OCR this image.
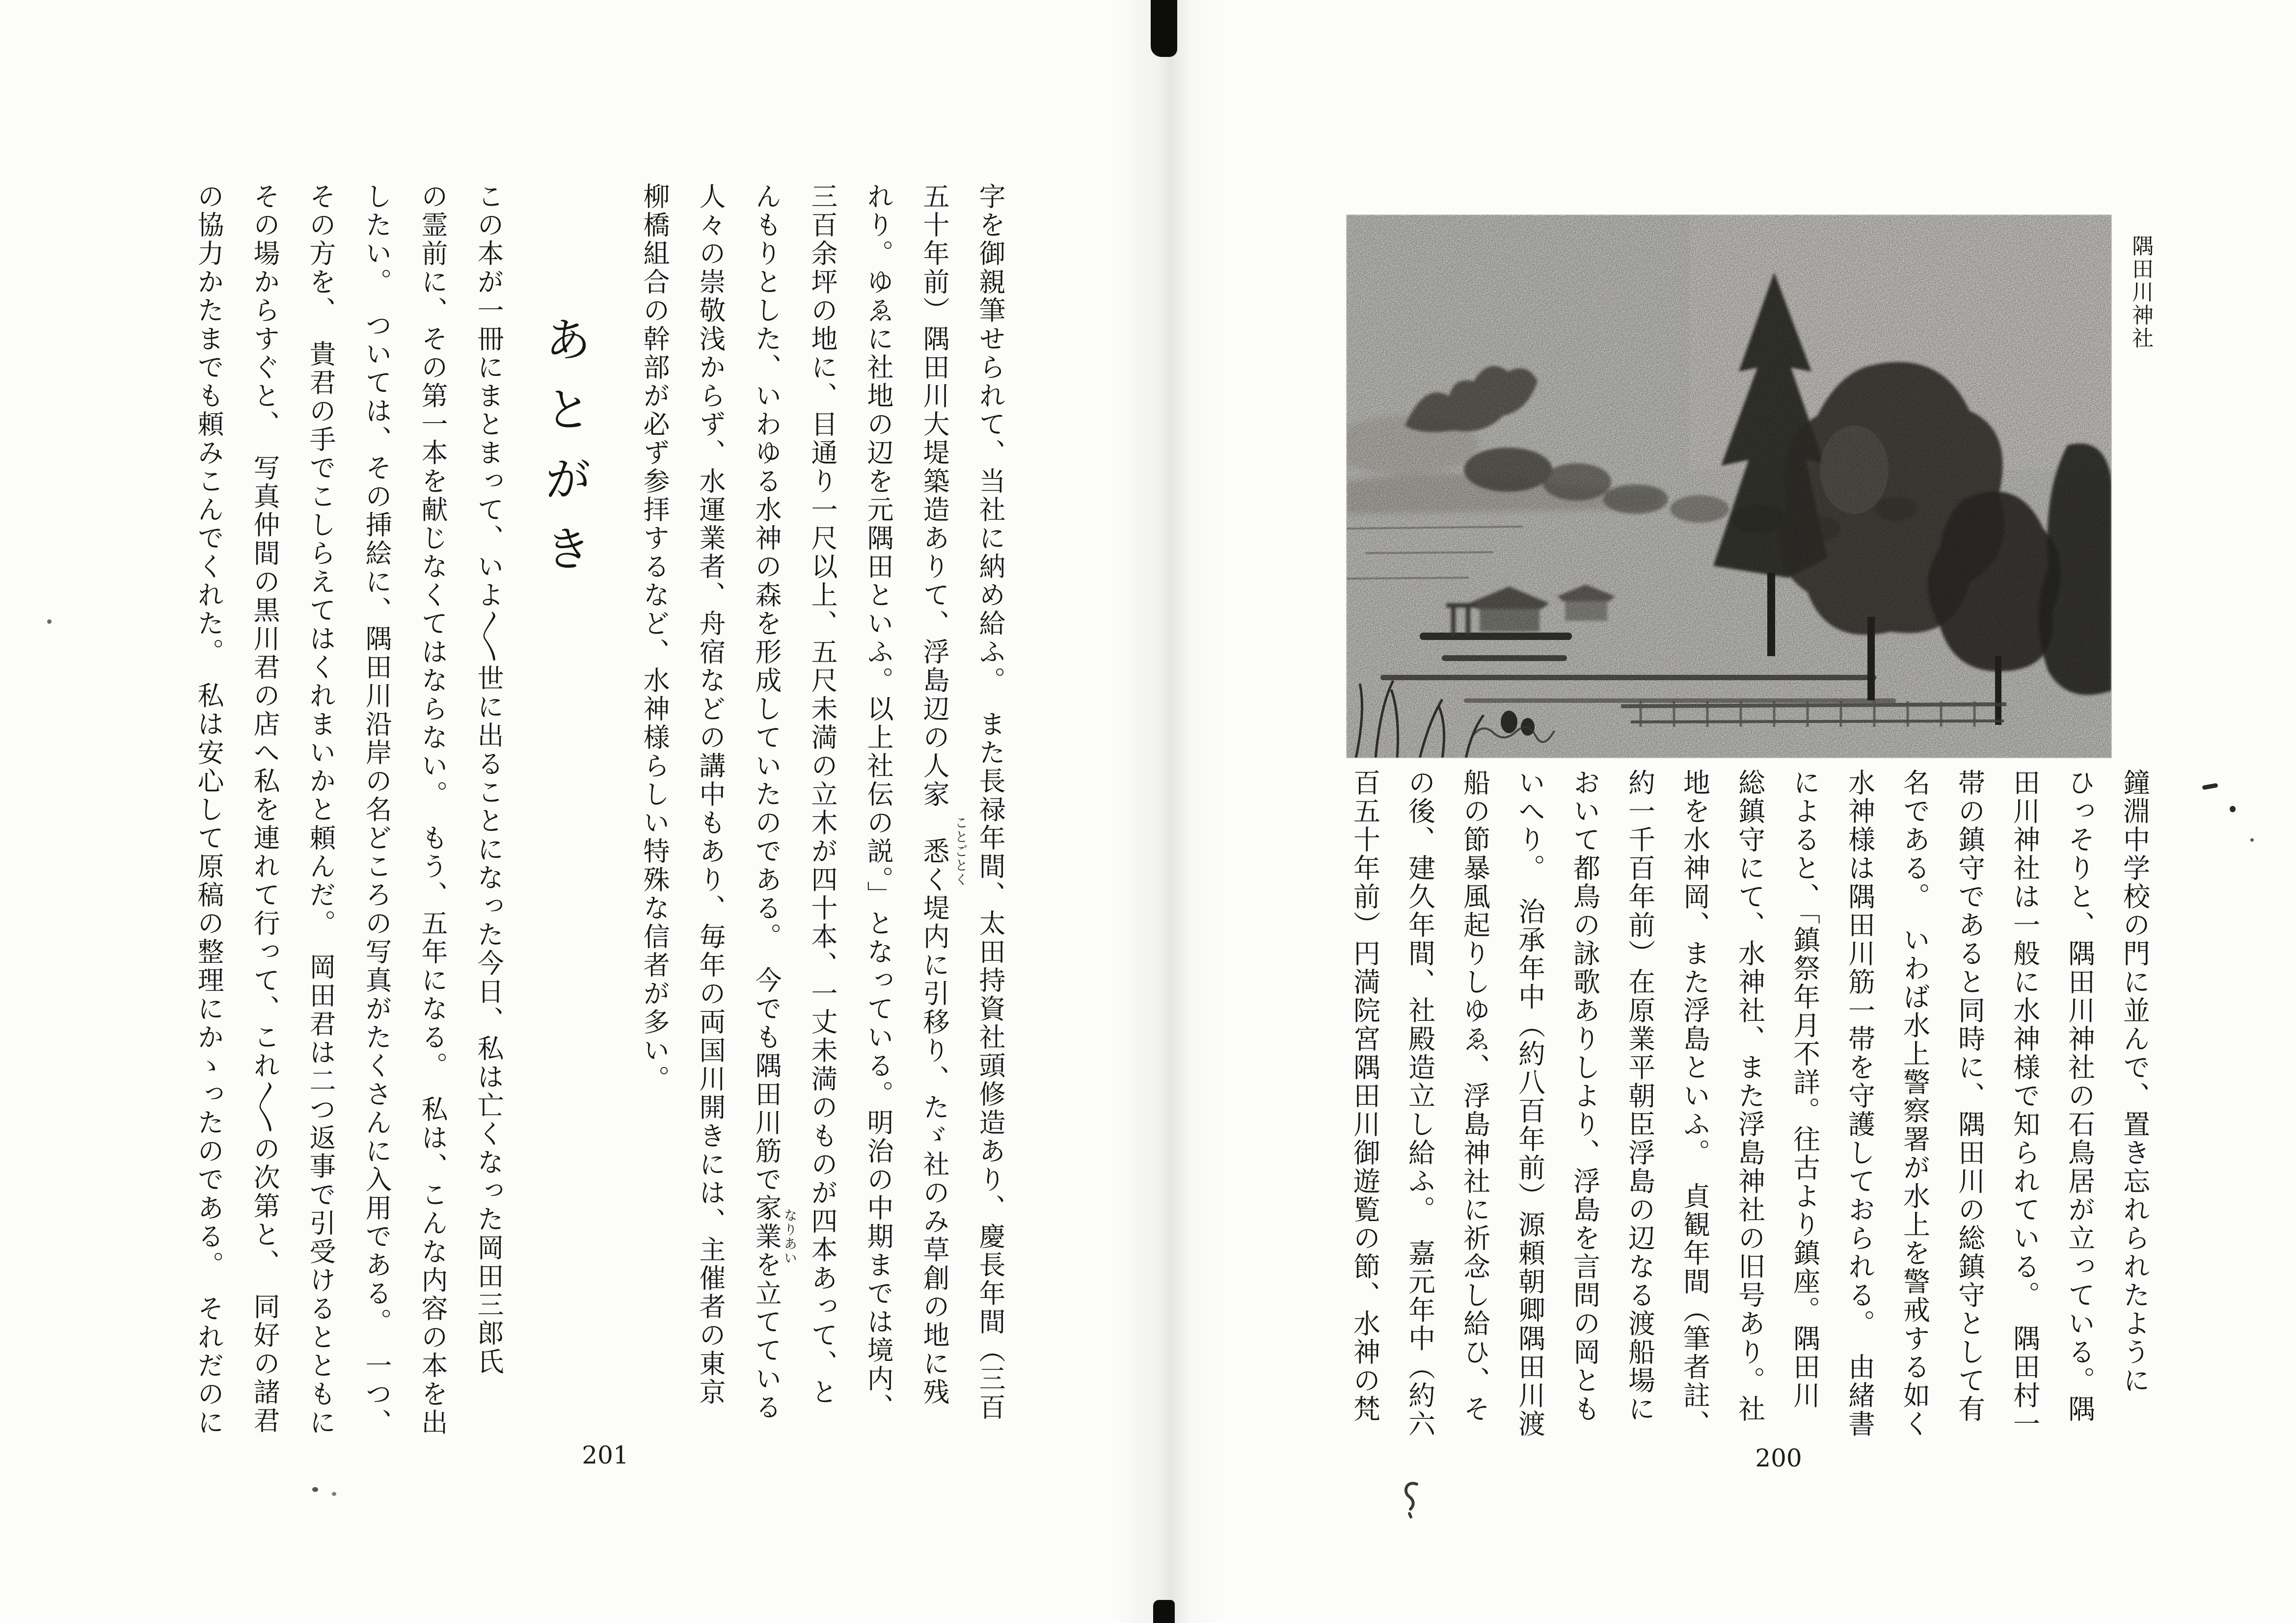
隅田川神社
鐘淵中学校の門に並んで、置き忘れられたように
ひっそりと、隅田川神社の石鳥居が立っている。隅
田川神社は一般に水神様で知られている。　隅田村一
帯の鎮守であると同時に、隅田川の総鎮守として有
名である。　いわば水上警察署が水上を警戒する如く
水神様は隅田川筋一帯を守護しておられる。　由緒書
によると、「鎮祭年月不詳。往古より鎮座。隅田川
総鎮守にて、水神社、また浮島神社の旧号あり。社
地を水神岡、また浮島といふ。　貞観年間（筆者註、
約一千百年前）在原業平朝臣浮島の辺なる渡船場に
おいて都鳥の詠歌ありしより、浮島を言問の岡とも
いへり。　治承年中（約八百年前）源頼朝卿隅田川渡
船の節暴風起りしゆゑ、浮島神社に祈念し給ひ、そ
の後、建久年間、社殿造立し給ふ。　嘉元年中（約六
百五十年前）円満院宮隅田川御遊覧の節、水神の梵
200
字を御親筆せられて、当社に納め給ふ。　また長禄年間、太田持資社頭修造あり、慶長年間（三百
五十年前）隅田川大堤築造ありて、浮島辺の人家　悉く堤内に引移り、たゞ社のみ草創の地に残
れり。ゆゑに社地の辺を元隅田といふ。以上社伝の説。」となっている。明治の中期までは境内、
三百余坪の地に、目通り一尺以上、五尺未満の立木が四十本、一丈未満のものが四本あって、と
んもりとした、いわゆる水神の森を形成していたのである。　今でも隅田川筋で家業を立てている
人々の崇敬浅からず、水運業者、舟宿などの講中もあり、毎年の両国川開きには、主催者の東京
柳橋組合の幹部が必ず参拝するなど、水神様らしい特殊な信者が多い。	ことごとく
なりあい
あとがき
この本が一冊にまとまって、いよ〳〵世に出ることになった今日、私は亡くなった岡田三郎氏
の霊前に、その第一本を献じなくてはならない。　もう、五年になる。　私は、こんな内容の本を出
したい。　ついては、その挿絵に、隅田川沿岸の名どころの写真がたくさんに入用である。　一つ、
その方を、　貴君の手でこしらえてはくれまいかと頼んだ。　岡田君は二つ返事で引受けるとともに
その場からすぐと、　写真仲間の黒川君の店へ私を連れて行って、これ〳〵の次第と、　同好の諸君
の協力かたまでも頼みこんでくれた。　私は安心して原稿の整理にかゝったのである。　それだのに
201
